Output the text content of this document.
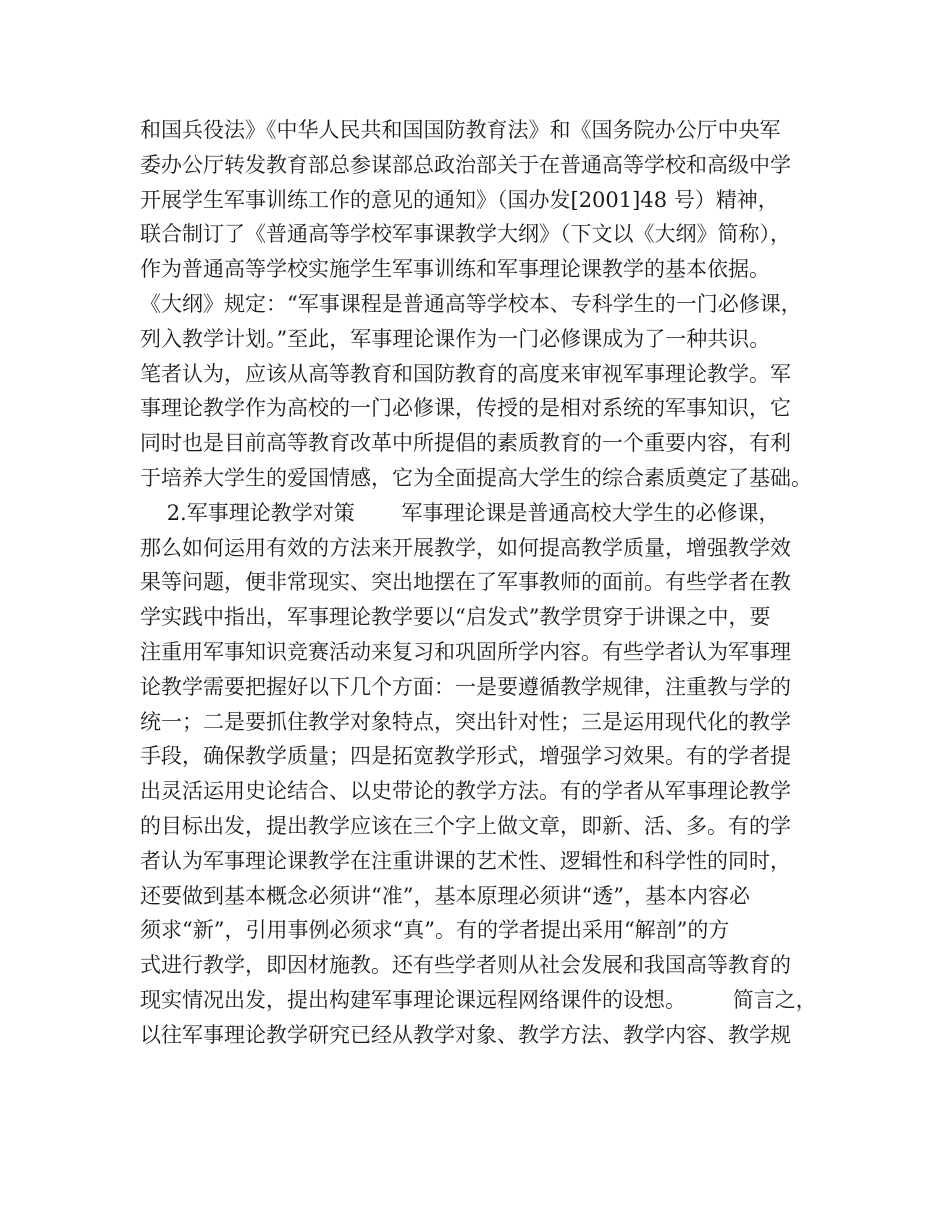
和国兵役法》《中华人民共和国国防教育法》和《国务院办公厅中央军
委办公厅转发教育部总参谋部总政治部关于在普通高等学校和高级中学
开展学生军事训练工作的意见的通知》（国办发[2001]48 号）精神，
联合制订了《普通高等学校军事课教学大纲》（下文以《大纲》简称），
作为普通高等学校实施学生军事训练和军事理论课教学的基本依据。
《大纲》规定：“军事课程是普通高等学校本、专科学生的一门必修课，
列入教学计划。”至此，军事理论课作为一门必修课成为了一种共识。
笔者认为，应该从高等教育和国防教育的高度来审视军事理论教学。军
事理论教学作为高校的一门必修课，传授的是相对系统的军事知识，它
同时也是目前高等教育改革中所提倡的素质教育的一个重要内容，有利
于培养大学生的爱国情感，它为全面提高大学生的综合素质奠定了基础。
2.军事理论教学对策       军事理论课是普通高校大学生的必修课，
那么如何运用有效的方法来开展教学，如何提高教学质量，增强教学效
果等问题，便非常现实、突出地摆在了军事教师的面前。有些学者在教
学实践中指出，军事理论教学要以“启发式”教学贯穿于讲课之中，要
注重用军事知识竞赛活动来复习和巩固所学内容。有些学者认为军事理
论教学需要把握好以下几个方面：一是要遵循教学规律，注重教与学的
统一；二是要抓住教学对象特点，突出针对性；三是运用现代化的教学
手段，确保教学质量；四是拓宽教学形式，增强学习效果。有的学者提
出灵活运用史论结合、以史带论的教学方法。有的学者从军事理论教学
的目标出发，提出教学应该在三个字上做文章，即新、活、多。有的学
者认为军事理论课教学在注重讲课的艺术性、逻辑性和科学性的同时，
还要做到基本概念必须讲“准”，基本原理必须讲“透”，基本内容必
须求“新”，引用事例必须求“真”。有的学者提出采用“解剖”的方
式进行教学，即因材施教。还有些学者则从社会发展和我国高等教育的
现实情况出发，提出构建军事理论课远程网络课件的设想。       简言之，
以往军事理论教学研究已经从教学对象、教学方法、教学内容、教学规
